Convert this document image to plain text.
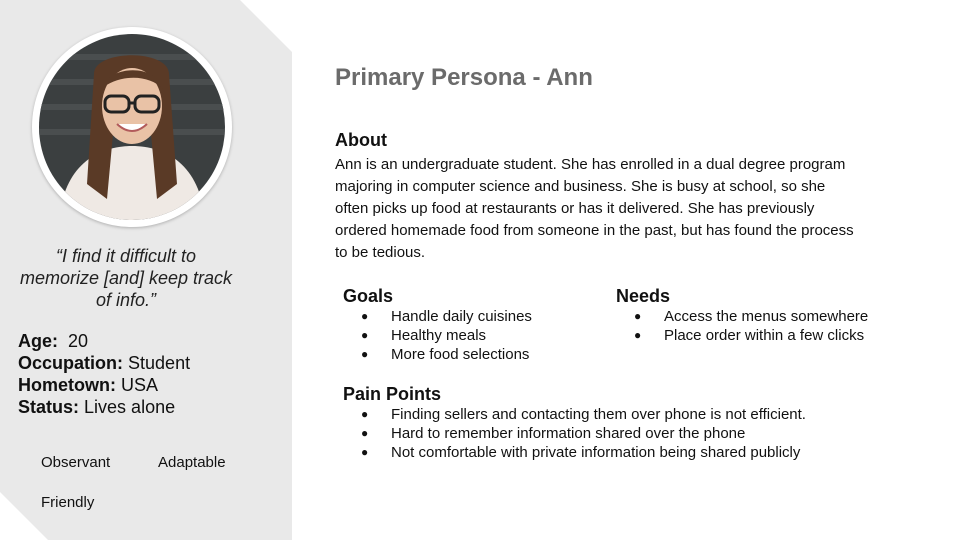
“I find it difficult to memorize [and] keep track of info.”
Age: 20
Occupation: Student
Hometown: USA
Status: Lives alone
Observant	Adaptable
Friendly
Primary Persona - Ann
About
Ann is an undergraduate student. She has enrolled in a dual degree program majoring in computer science and business. She is busy at school, so she often picks up food at restaurants or has it delivered. She has previously ordered homemade food from someone in the past, but has found the process to be tedious.
Goals
● Handle daily cuisines
● Healthy meals
● More food selections
Needs
● Access the menus somewhere
● Place order within a few clicks
Pain Points
● Finding sellers and contacting them over phone is not efficient.
● Hard to remember information shared over the phone
● Not comfortable with private information being shared publicly
